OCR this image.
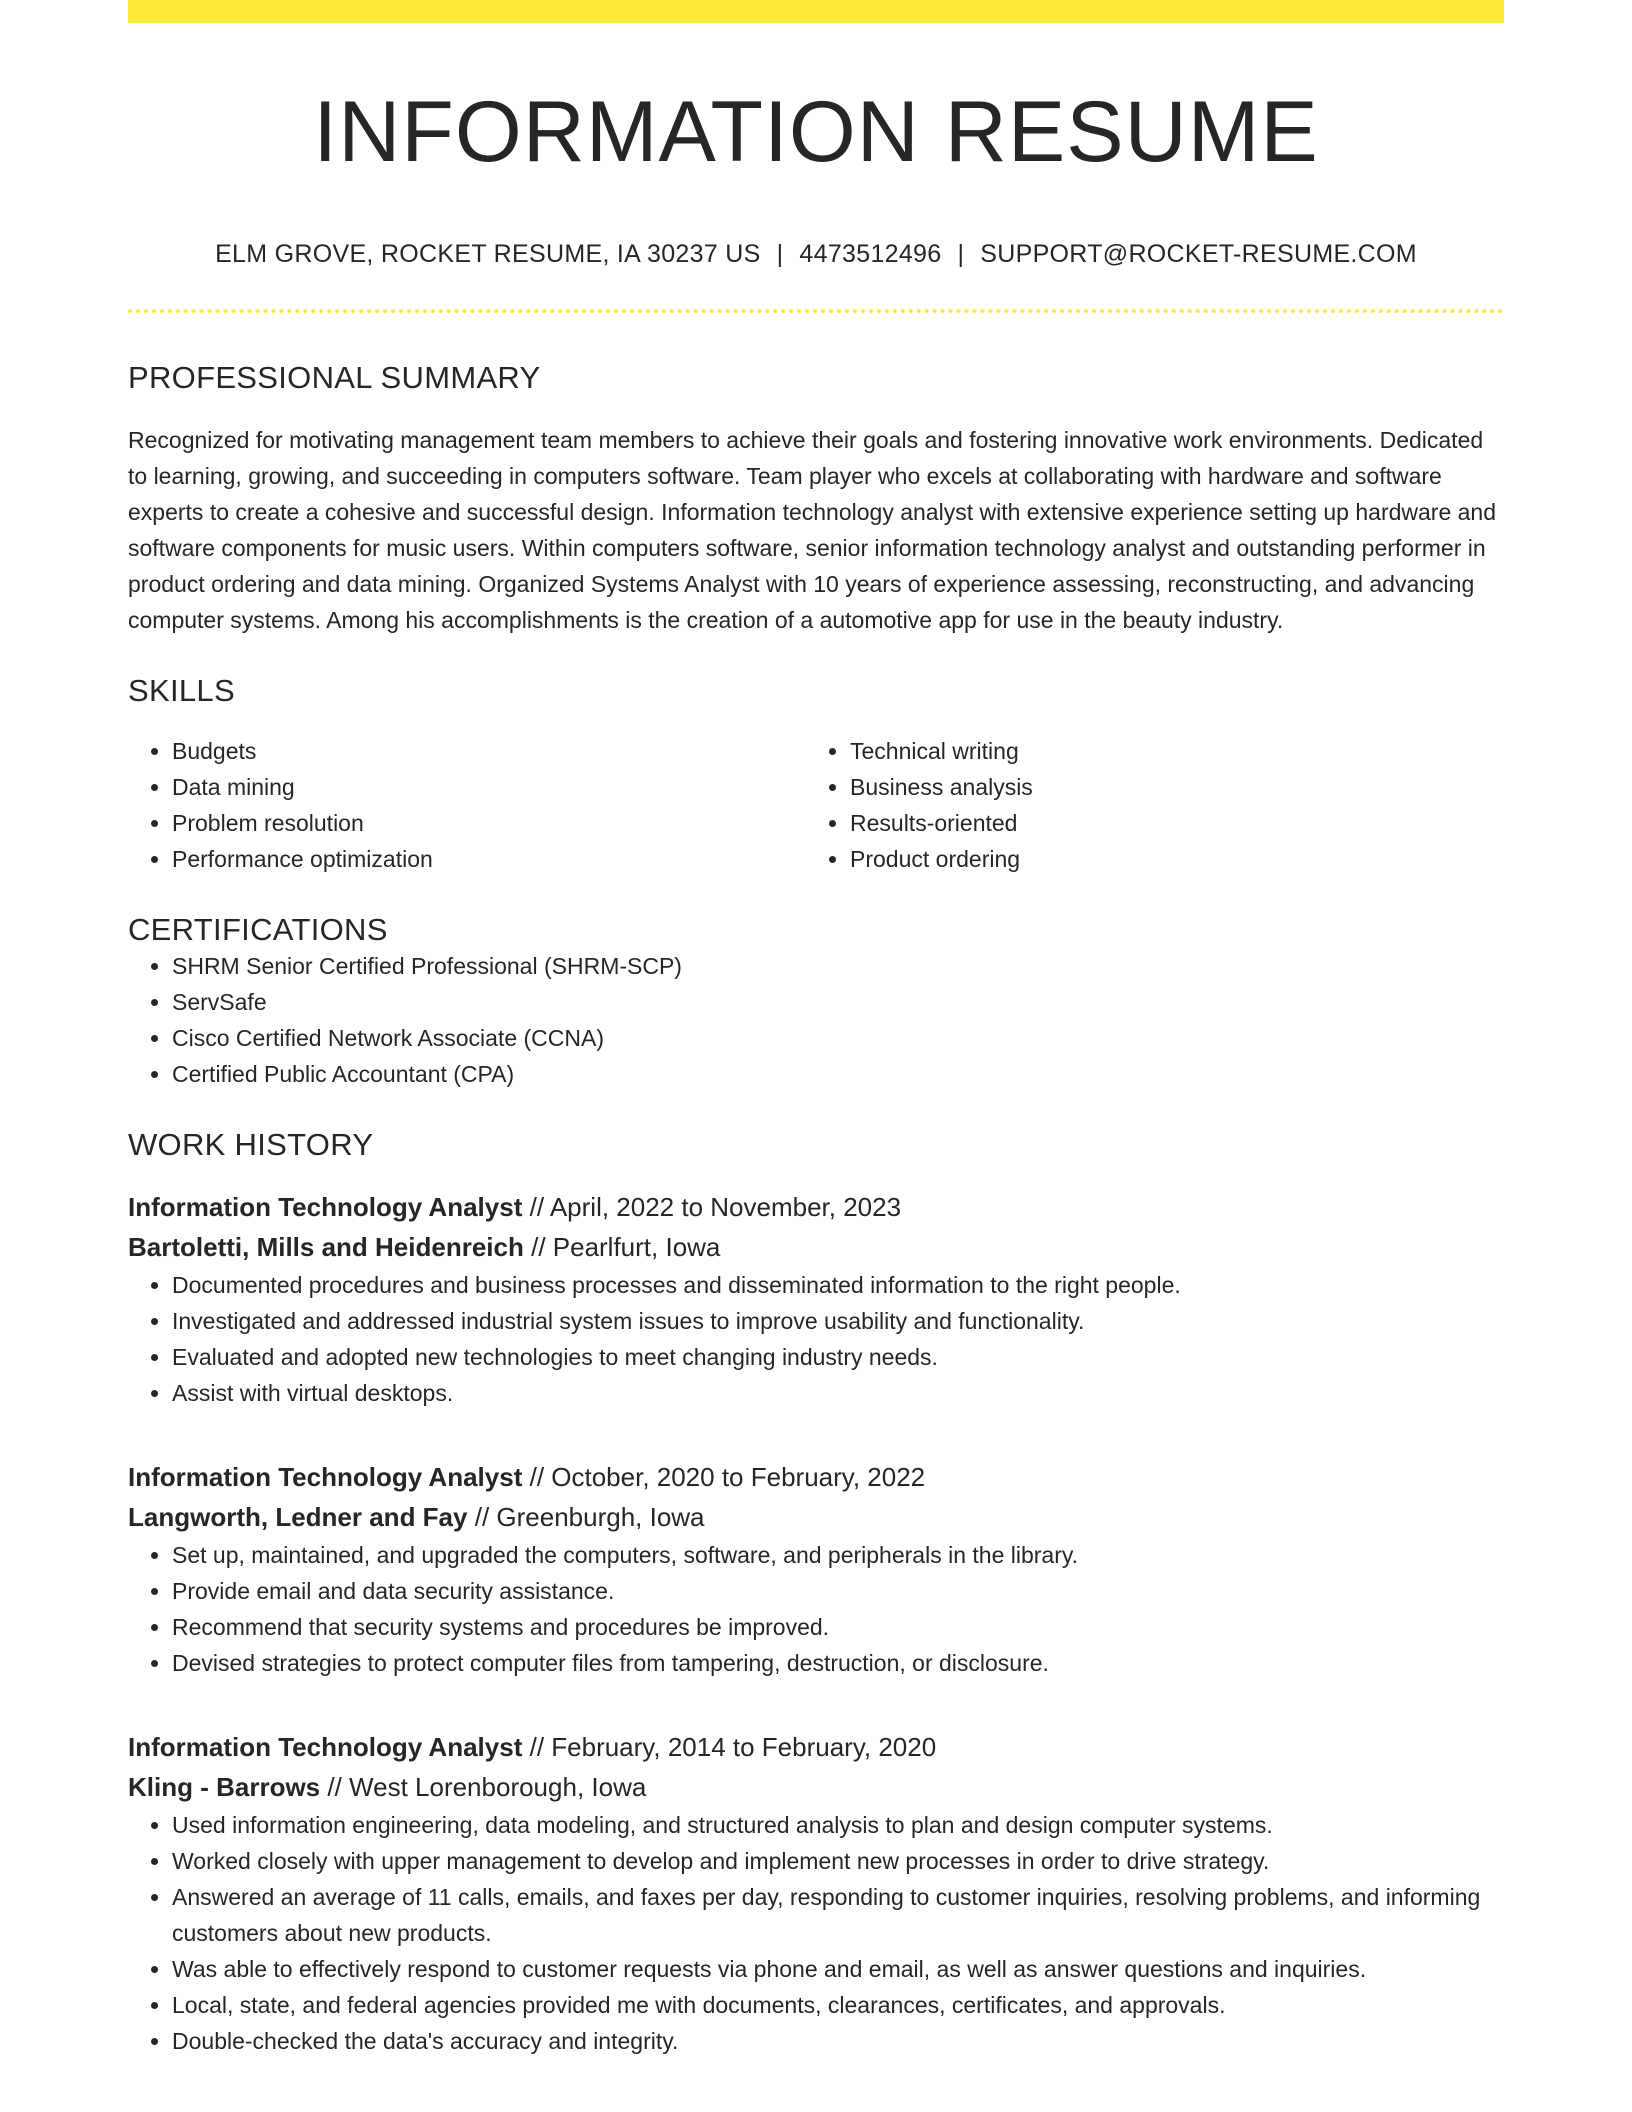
INFORMATION RESUME
ELM GROVE, ROCKET RESUME, IA 30237 US | 4473512496 | SUPPORT@ROCKET-RESUME.COM
PROFESSIONAL SUMMARY
Recognized for motivating management team members to achieve their goals and fostering innovative work environments. Dedicated to learning, growing, and succeeding in computers software. Team player who excels at collaborating with hardware and software experts to create a cohesive and successful design. Information technology analyst with extensive experience setting up hardware and software components for music users. Within computers software, senior information technology analyst and outstanding performer in product ordering and data mining. Organized Systems Analyst with 10 years of experience assessing, reconstructing, and advancing computer systems. Among his accomplishments is the creation of a automotive app for use in the beauty industry.
SKILLS
• Budgets
• Data mining
• Problem resolution
• Performance optimization
• Technical writing
• Business analysis
• Results-oriented
• Product ordering
CERTIFICATIONS
• SHRM Senior Certified Professional (SHRM-SCP)
• ServSafe
• Cisco Certified Network Associate (CCNA)
• Certified Public Accountant (CPA)
WORK HISTORY
Information Technology Analyst // April, 2022 to November, 2023
Bartoletti, Mills and Heidenreich // Pearlfurt, Iowa
• Documented procedures and business processes and disseminated information to the right people.
• Investigated and addressed industrial system issues to improve usability and functionality.
• Evaluated and adopted new technologies to meet changing industry needs.
• Assist with virtual desktops.
Information Technology Analyst // October, 2020 to February, 2022
Langworth, Ledner and Fay // Greenburgh, Iowa
• Set up, maintained, and upgraded the computers, software, and peripherals in the library.
• Provide email and data security assistance.
• Recommend that security systems and procedures be improved.
• Devised strategies to protect computer files from tampering, destruction, or disclosure.
Information Technology Analyst // February, 2014 to February, 2020
Kling - Barrows // West Lorenborough, Iowa
• Used information engineering, data modeling, and structured analysis to plan and design computer systems.
• Worked closely with upper management to develop and implement new processes in order to drive strategy.
• Answered an average of 11 calls, emails, and faxes per day, responding to customer inquiries, resolving problems, and informing customers about new products.
• Was able to effectively respond to customer requests via phone and email, as well as answer questions and inquiries.
• Local, state, and federal agencies provided me with documents, clearances, certificates, and approvals.
• Double-checked the data's accuracy and integrity.
